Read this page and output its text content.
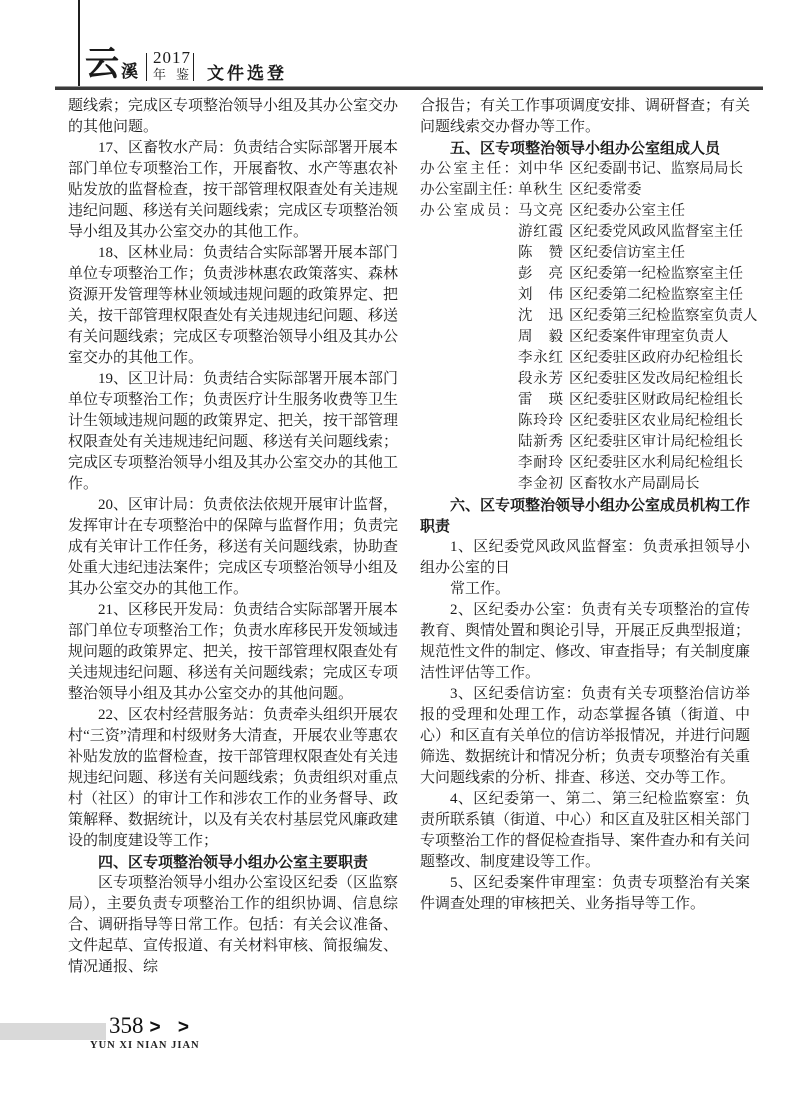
云 溪
2017
年鉴 文件选登

题线索；完成区专项整治领导小组及其办公室交办的其他问题。

17、区畜牧水产局：负责结合实际部署开展本部门单位专项整治工作，开展畜牧、水产等惠农补贴发放的监督检查，按干部管理权限查处有关违规违纪问题、移送有关问题线索；完成区专项整治领导小组及其办公室交办的其他工作。

18、区林业局：负责结合实际部署开展本部门单位专项整治工作；负责涉林惠农政策落实、森林资源开发管理等林业领域违规问题的政策界定、把关，按干部管理权限查处有关违规违纪问题、移送有关问题线索；完成区专项整治领导小组及其办公室交办的其他工作。

19、区卫计局：负责结合实际部署开展本部门单位专项整治工作；负责医疗计生服务收费等卫生计生领域违规问题的政策界定、把关，按干部管理权限查处有关违规违纪问题、移送有关问题线索；完成区专项整治领导小组及其办公室交办的其他工作。

20、区审计局：负责依法依规开展审计监督，发挥审计在专项整治中的保障与监督作用；负责完成有关审计工作任务，移送有关问题线索，协助查处重大违纪违法案件；完成区专项整治领导小组及其办公室交办的其他工作。

21、区移民开发局：负责结合实际部署开展本部门单位专项整治工作；负责水库移民开发领域违规问题的政策界定、把关，按干部管理权限查处有关违规违纪问题、移送有关问题线索；完成区专项整治领导小组及其办公室交办的其他问题。

22、区农村经营服务站：负责牵头组织开展农村“三资”清理和村级财务大清查，开展农业等惠农补贴发放的监督检查，按干部管理权限查处有关违规违纪问题、移送有关问题线索；负责组织对重点村（社区）的审计工作和涉农工作的业务督导、政策解释、数据统计，以及有关农村基层党风廉政建设的制度建设等工作；

四、区专项整治领导小组办公室主要职责

区专项整治领导小组办公室设区纪委（区监察局），主要负责专项整治工作的组织协调、信息综合、调研指导等日常工作。包括：有关会议准备、文件起草、宣传报道、有关材料审核、简报编发、情况通报、综

合报告；有关工作事项调度安排、调研督查；有关问题线索交办督办等工作。

五、区专项整治领导小组办公室组成人员

办公室主任： 刘中华 区纪委副书记、监察局局长
办公室副主任：
单秋生 区纪委常委
办公室成员： 马文亮 区纪委办公室主任
游红霞 区纪委党风政风监督室主任
陈赞 区纪委信访室主任
彭亮 区纪委第一纪检监察室主任
刘伟 区纪委第二纪检监察室主任
沈迅 区纪委第三纪检监察室负责人
周毅 区纪委案件审理室负责人
李永红 区纪委驻区政府办纪检组长
段永芳 区纪委驻区发改局纪检组长
雷瑛 区纪委驻区财政局纪检组长
陈玲玲 区纪委驻区农业局纪检组长
陆新秀 区纪委驻区审计局纪检组长
李耐玲 区纪委驻区水利局纪检组长
李金初 区畜牧水产局副局长

六、区专项整治领导小组办公室成员机构工作职责

1、区纪委党风政风监督室：负责承担领导小组办公室的日

常工作。

2、区纪委办公室：负责有关专项整治的宣传教育、舆情处置和舆论引导，开展正反典型报道；规范性文件的制定、修改、审查指导；有关制度廉洁性评估等工作。

3、区纪委信访室：负责有关专项整治信访举报的受理和处理工作，动态掌握各镇（街道、中心）和区直有关单位的信访举报情况，并进行问题筛选、数据统计和情况分析；负责专项整治有关重大问题线索的分析、排查、移送、交办等工作。

4、区纪委第一、第二、第三纪检监察室：负责所联系镇（街道、中心）和区直及驻区相关部门专项整治工作的督促检查指导、案件查办和有关问题整改、制度建设等工作。

5、区纪委案件审理室：负责专项整治有关案件调查处理的审核把关、业务指导等工作。

358 > >
YUN XI NIAN JIAN
